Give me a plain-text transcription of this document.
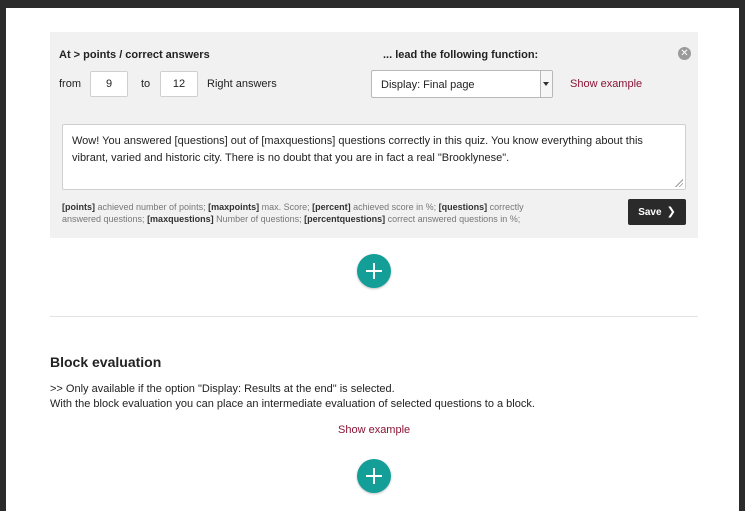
✕
At > points / correct answers	... lead the following function:
from
9	to
12	Right answers	Display: Final page	Show example
Wow! You answered [questions] out of [maxquestions] questions correctly in this quiz. You know everything about this vibrant, varied and historic city. There is no doubt that you are in fact a real "Brooklynese".
[points] achieved number of points; [maxpoints] max. Score; [percent] achieved score in %; [questions] correctly answered questions; [maxquestions] Number of questions; [percentquestions] correct answered questions in %;
Save ❯
Block evaluation
>> Only available if the option "Display: Results at the end" is selected.
With the block evaluation you can place an intermediate evaluation of selected questions to a block.
Show example
